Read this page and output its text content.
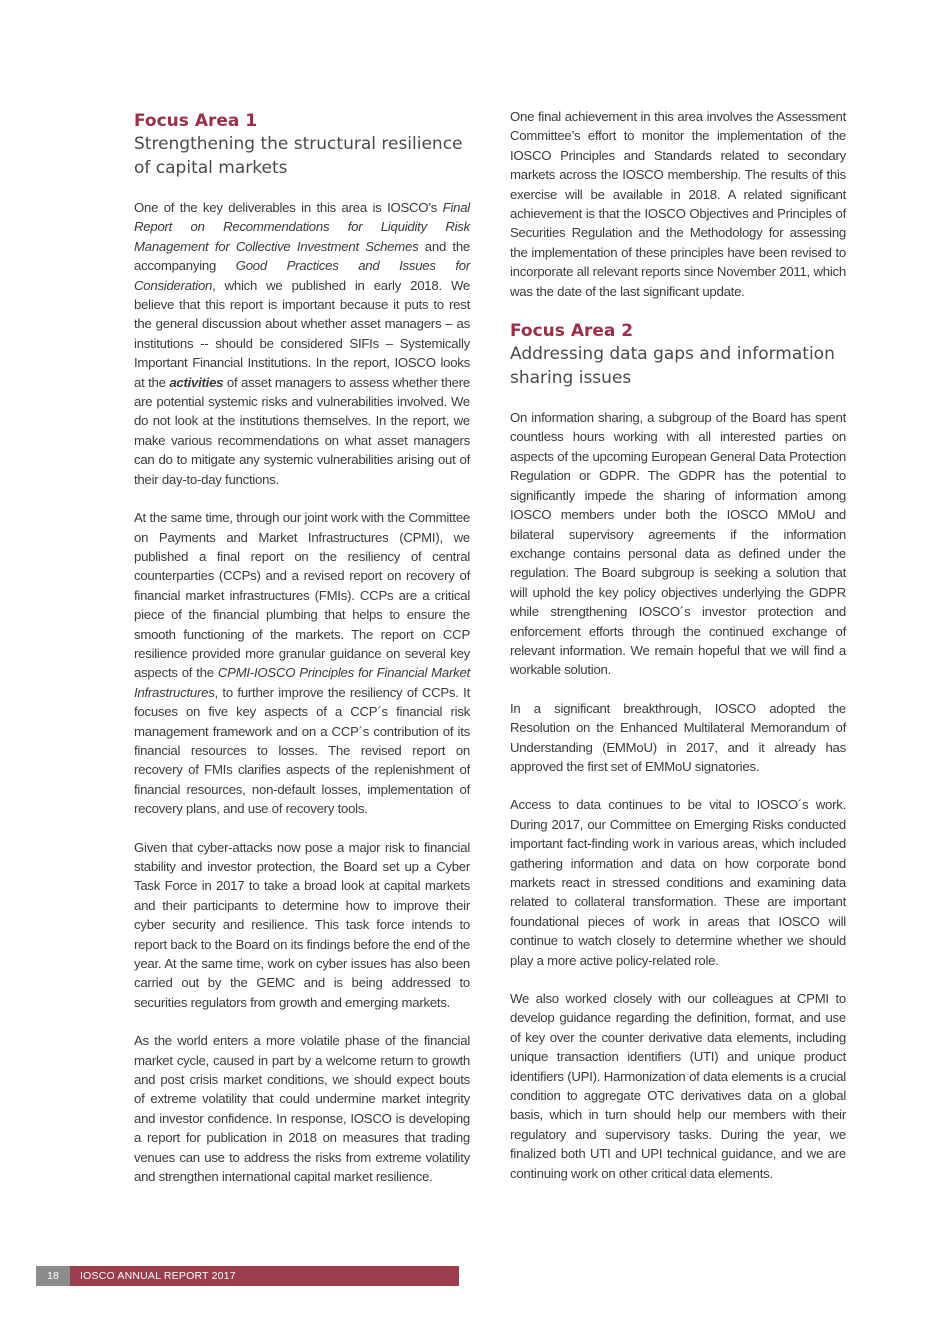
Focus Area 1
Strengthening the structural resilience of capital markets

One of the key deliverables in this area is IOSCO’s Final Report on Recommendations for Liquidity Risk Management for Collective Investment Schemes and the accompanying Good Practices and Issues for Consideration, which we published in early 2018. We believe that this report is important because it puts to rest the general discussion about whether asset managers – as institutions -- should be considered SIFIs – Systemically Important Financial Institutions. In the report, IOSCO looks at the activities of asset managers to assess whether there are potential systemic risks and vulnerabilities involved. We do not look at the institutions themselves. In the report, we make various recommendations on what asset managers can do to mitigate any systemic vulnerabilities arising out of their day-to-day functions.

At the same time, through our joint work with the Committee on Payments and Market Infrastructures (CPMI), we published a final report on the resiliency of central counterparties (CCPs) and a revised report on recovery of financial market infrastructures (FMIs). CCPs are a critical piece of the financial plumbing that helps to ensure the smooth functioning of the markets. The report on CCP resilience provided more granular guidance on several key aspects of the CPMI-IOSCO Principles for Financial Market Infrastructures, to further improve the resiliency of CCPs. It focuses on five key aspects of a CCP´s financial risk management framework and on a CCP´s contribution of its financial resources to losses. The revised report on recovery of FMIs clarifies aspects of the replenishment of financial resources, non-default losses, implementation of recovery plans, and use of recovery tools.

Given that cyber-attacks now pose a major risk to financial stability and investor protection, the Board set up a Cyber Task Force in 2017 to take a broad look at capital markets and their participants to determine how to improve their cyber security and resilience. This task force intends to report back to the Board on its findings before the end of the year. At the same time, work on cyber issues has also been carried out by the GEMC and is being addressed to securities regulators from growth and emerging markets.

As the world enters a more volatile phase of the financial market cycle, caused in part by a welcome return to growth and post crisis market conditions, we should expect bouts of extreme volatility that could undermine market integrity and investor confidence. In response, IOSCO is developing a report for publication in 2018 on measures that trading venues can use to address the risks from extreme volatility and strengthen international capital market resilience.

One final achievement in this area involves the Assessment Committee’s effort to monitor the implementation of the IOSCO Principles and Standards related to secondary markets across the IOSCO membership. The results of this exercise will be available in 2018. A related significant achievement is that the IOSCO Objectives and Principles of Securities Regulation and the Methodology for assessing the implementation of these principles have been revised to incorporate all relevant reports since November 2011, which was the date of the last significant update.

Focus Area 2
Addressing data gaps and information sharing issues

On information sharing, a subgroup of the Board has spent countless hours working with all interested parties on aspects of the upcoming European General Data Protection Regulation or GDPR. The GDPR has the potential to significantly impede the sharing of information among IOSCO members under both the IOSCO MMoU and bilateral supervisory agreements if the information exchange contains personal data as defined under the regulation. The Board subgroup is seeking a solution that will uphold the key policy objectives underlying the GDPR while strengthening IOSCO´s investor protection and enforcement efforts through the continued exchange of relevant information. We remain hopeful that we will find a workable solution.

In a significant breakthrough, IOSCO adopted the Resolution on the Enhanced Multilateral Memorandum of Understanding (EMMoU) in 2017, and it already has approved the first set of EMMoU signatories.

Access to data continues to be vital to IOSCO´s work. During 2017, our Committee on Emerging Risks conducted important fact-finding work in various areas, which included gathering information and data on how corporate bond markets react in stressed conditions and examining data related to collateral transformation. These are important foundational pieces of work in areas that IOSCO will continue to watch closely to determine whether we should play a more active policy-related role.

We also worked closely with our colleagues at CPMI to develop guidance regarding the definition, format, and use of key over the counter derivative data elements, including unique transaction identifiers (UTI) and unique product identifiers (UPI). Harmonization of data elements is a crucial condition to aggregate OTC derivatives data on a global basis, which in turn should help our members with their regulatory and supervisory tasks. During the year, we finalized both UTI and UPI technical guidance, and we are continuing work on other critical data elements.

18	IOSCO ANNUAL REPORT 2017
